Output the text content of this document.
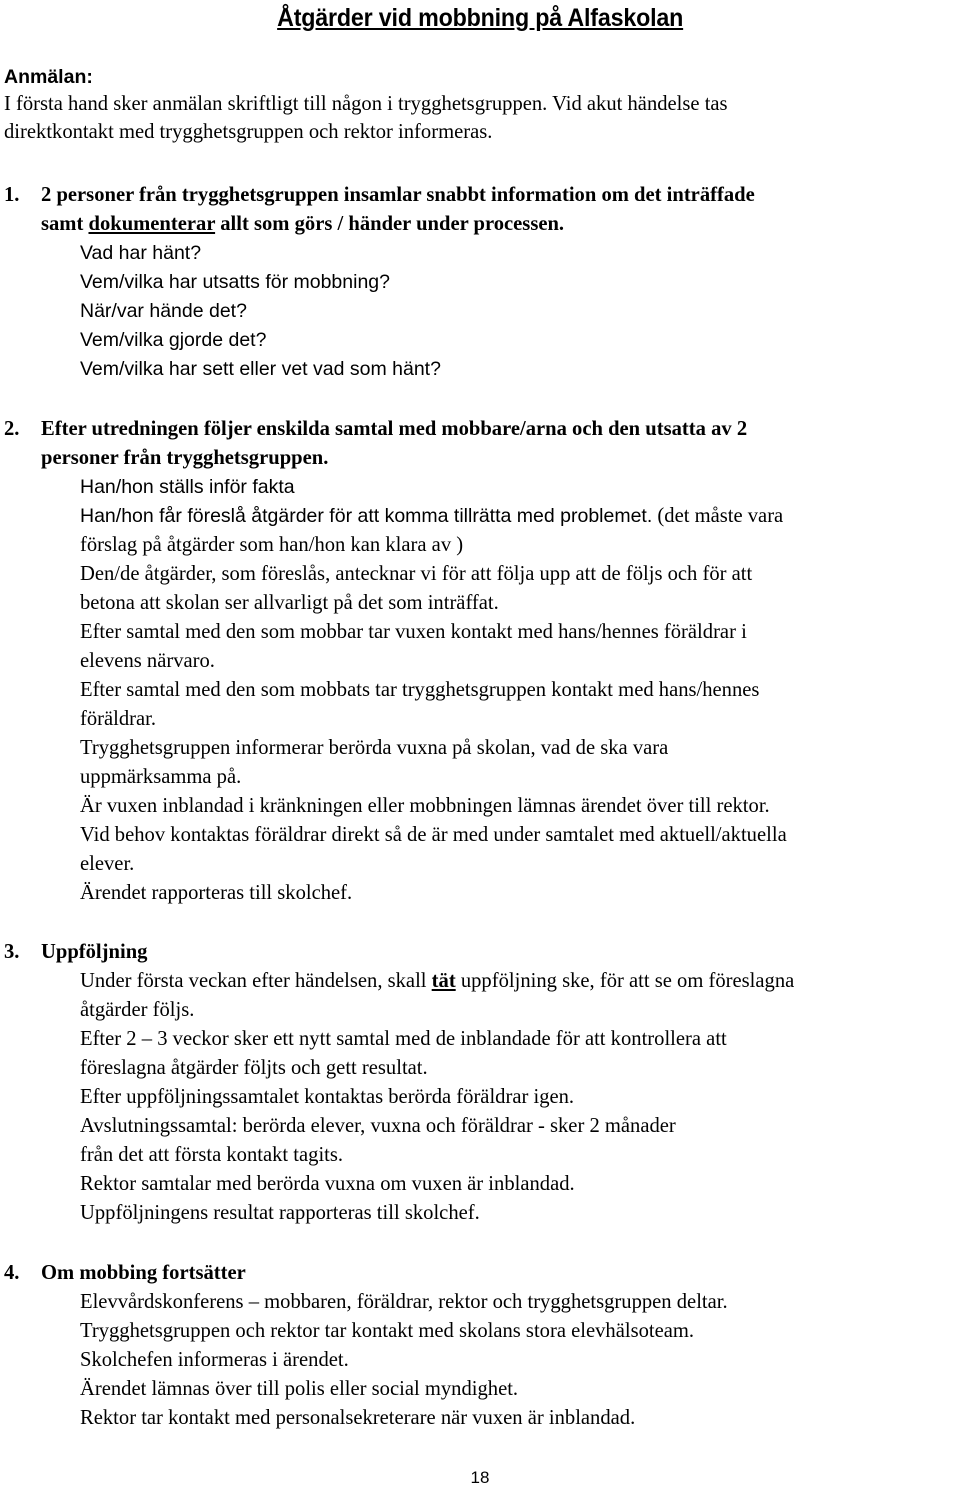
Åtgärder vid mobbning på Alfaskolan
Anmälan:
I första hand sker anmälan skriftligt till någon i trygghetsgruppen. Vid akut händelse tas
direktkontakt med trygghetsgruppen och rektor informeras.
1. 2 personer från trygghetsgruppen insamlar snabbt information om det inträffade
samt dokumenterar allt som görs / händer under processen.
Vad har hänt?
Vem/vilka har utsatts för mobbning?
När/var hände det?
Vem/vilka gjorde det?
Vem/vilka har sett eller vet vad som hänt?
2. Efter utredningen följer enskilda samtal med mobbare/arna och den utsatta av 2
personer från trygghetsgruppen.
Han/hon ställs inför fakta
Han/hon får föreslå åtgärder för att komma tillrätta med problemet. (det måste vara
förslag på åtgärder som han/hon kan klara av )
Den/de åtgärder, som föreslås, antecknar vi för att följa upp att de följs och för att
betona att skolan ser allvarligt på det som inträffat.
Efter samtal med den som mobbar tar vuxen kontakt med hans/hennes föräldrar i
elevens närvaro.
Efter samtal med den som mobbats tar trygghetsgruppen kontakt med hans/hennes
föräldrar.
Trygghetsgruppen informerar berörda vuxna på skolan, vad de ska vara
uppmärksamma på.
Är vuxen inblandad i kränkningen eller mobbningen lämnas ärendet över till rektor.
Vid behov kontaktas föräldrar direkt så de är med under samtalet med aktuell/aktuella
elever.
Ärendet rapporteras till skolchef.
3. Uppföljning
Under första veckan efter händelsen, skall tät uppföljning ske, för att se om föreslagna
åtgärder följs.
Efter 2 – 3 veckor sker ett nytt samtal med de inblandade för att kontrollera att
föreslagna åtgärder följts och gett resultat.
Efter uppföljningssamtalet kontaktas berörda föräldrar igen.
Avslutningssamtal: berörda elever, vuxna och föräldrar - sker 2 månader
från det att första kontakt tagits.
Rektor samtalar med berörda vuxna om vuxen är inblandad.
Uppföljningens resultat rapporteras till skolchef.
4. Om mobbing fortsätter
Elevvårdskonferens – mobbaren, föräldrar, rektor och trygghetsgruppen deltar.
Trygghetsgruppen och rektor tar kontakt med skolans stora elevhälsoteam.
Skolchefen informeras i ärendet.
Ärendet lämnas över till polis eller social myndighet.
Rektor tar kontakt med personalsekreterare när vuxen är inblandad.
18
